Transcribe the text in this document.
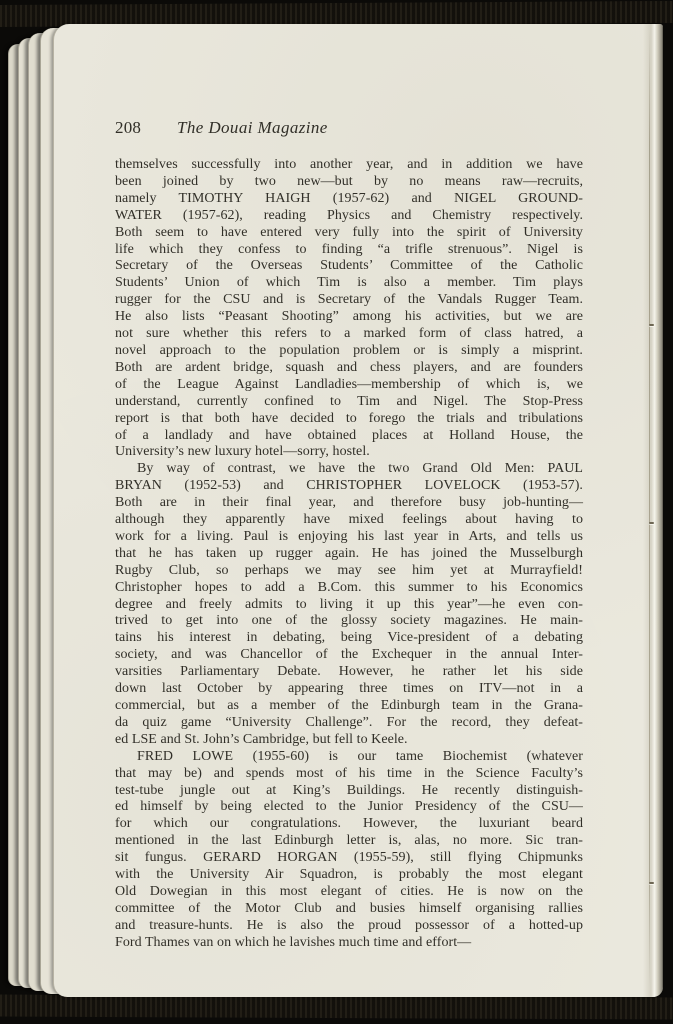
208	The Douai Magazine
themselves successfully into another year, and in addition we have
been joined by two new—but by no means raw—recruits,
namely TIMOTHY HAIGH (1957-62) and NIGEL GROUND-
WATER (1957-62), reading Physics and Chemistry respectively.
Both seem to have entered very fully into the spirit of University
life which they confess to finding “a trifle strenuous”. Nigel is
Secretary of the Overseas Students’ Committee of the Catholic
Students’ Union of which Tim is also a member. Tim plays
rugger for the CSU and is Secretary of the Vandals Rugger Team.
He also lists “Peasant Shooting” among his activities, but we are
not sure whether this refers to a marked form of class hatred, a
novel approach to the population problem or is simply a misprint.
Both are ardent bridge, squash and chess players, and are founders
of the League Against Landladies—membership of which is, we
understand, currently confined to Tim and Nigel. The Stop-Press
report is that both have decided to forego the trials and tribulations
of a landlady and have obtained places at Holland House, the
University’s new luxury hotel—sorry, hostel.
By way of contrast, we have the two Grand Old Men: PAUL
BRYAN (1952-53) and CHRISTOPHER LOVELOCK (1953-57).
Both are in their final year, and therefore busy job-hunting—
although they apparently have mixed feelings about having to
work for a living. Paul is enjoying his last year in Arts, and tells us
that he has taken up rugger again. He has joined the Musselburgh
Rugby Club, so perhaps we may see him yet at Murrayfield!
Christopher hopes to add a B.Com. this summer to his Economics
degree and freely admits to living it up this year”—he even con-
trived to get into one of the glossy society magazines. He main-
tains his interest in debating, being Vice-president of a debating
society, and was Chancellor of the Exchequer in the annual Inter-
varsities Parliamentary Debate. However, he rather let his side
down last October by appearing three times on ITV—not in a
commercial, but as a member of the Edinburgh team in the Grana-
da quiz game “University Challenge”. For the record, they defeat-
ed LSE and St. John’s Cambridge, but fell to Keele.
FRED LOWE (1955-60) is our tame Biochemist (whatever
that may be) and spends most of his time in the Science Faculty’s
test-tube jungle out at King’s Buildings. He recently distinguish-
ed himself by being elected to the Junior Presidency of the CSU—
for which our congratulations. However, the luxuriant beard
mentioned in the last Edinburgh letter is, alas, no more. Sic tran-
sit fungus. GERARD HORGAN (1955-59), still flying Chipmunks
with the University Air Squadron, is probably the most elegant
Old Dowegian in this most elegant of cities. He is now on the
committee of the Motor Club and busies himself organising rallies
and treasure-hunts. He is also the proud possessor of a hotted-up
Ford Thames van on which he lavishes much time and effort—
